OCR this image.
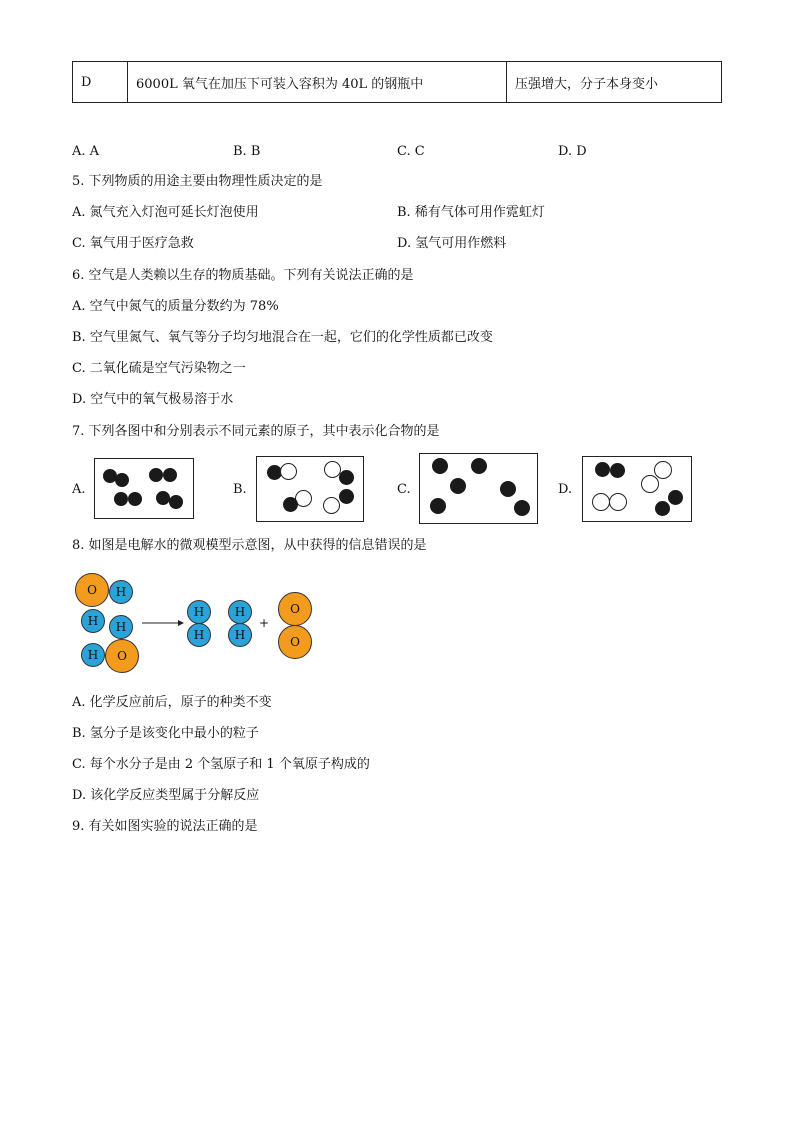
D	6000L 氧气在加压下可装入容积为 40L 的钢瓶中	压强增大，分子本身变小
A. A	B. B	C. C	D. D
5. 下列物质的用途主要由物理性质决定的是
A. 氮气充入灯泡可延长灯泡使用	B. 稀有气体可用作霓虹灯
C. 氧气用于医疗急救	D. 氢气可用作燃料
6. 空气是人类赖以生存的物质基础。下列有关说法正确的是
A. 空气中氮气的质量分数约为 78%
B. 空气里氮气、氧气等分子均匀地混合在一起，它们的化学性质都已改变
C. 二氧化硫是空气污染物之一
D. 空气中的氧气极易溶于水
7. 下列各图中和分别表示不同元素的原子，其中表示化合物的是
A.	B.	C.	D.
8. 如图是电解水的微观模型示意图，从中获得的信息错误的是
O	H
H	H
H	O
H
H
H
H
+
O
O
A. 化学反应前后，原子的种类不变
B. 氢分子是该变化中最小的粒子
C. 每个水分子是由 2 个氢原子和 1 个氧原子构成的
D. 该化学反应类型属于分解反应
9. 有关如图实验的说法正确的是
